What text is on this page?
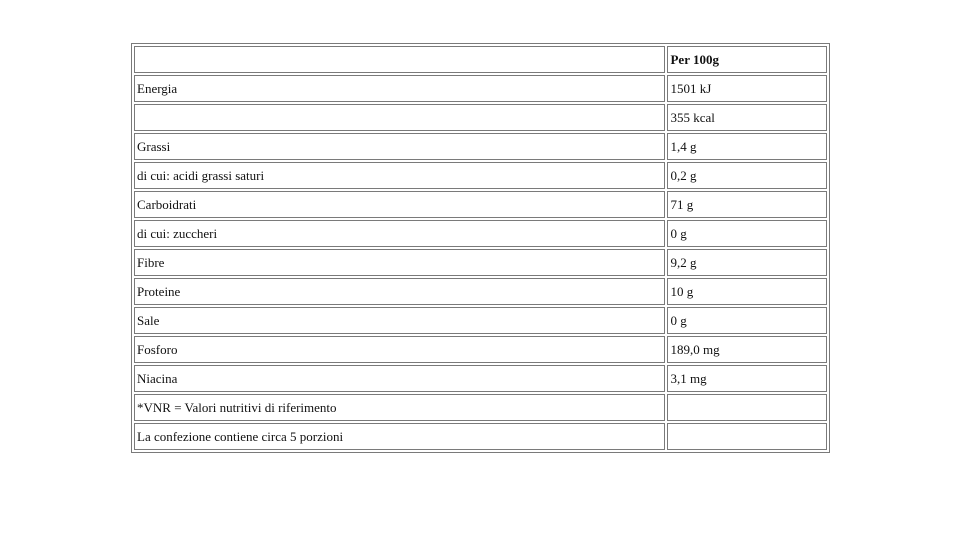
	Per 100g
Energia	1501 kJ
	355 kcal
Grassi	1,4 g
di cui: acidi grassi saturi	0,2 g
Carboidrati	71 g
di cui: zuccheri	0 g
Fibre	9,2 g
Proteine	10 g
Sale	0 g
Fosforo	189,0 mg
Niacina	3,1 mg
*VNR = Valori nutritivi di riferimento	
La confezione contiene circa 5 porzioni	
